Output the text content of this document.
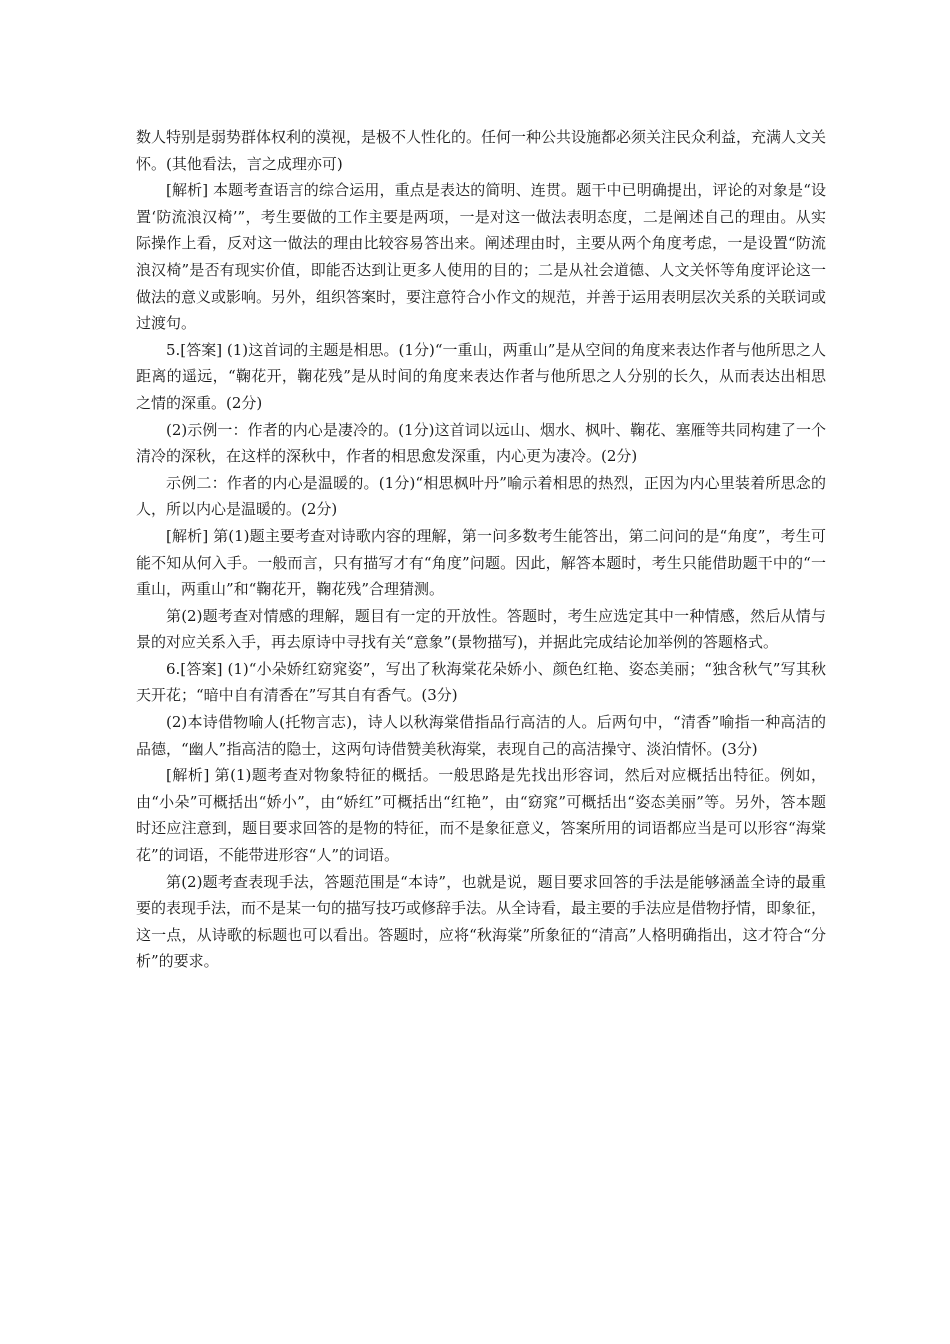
数人特别是弱势群体权利的漠视，是极不人性化的。任何一种公共设施都必须关注民众利益，充满人文关怀。(其他看法，言之成理亦可)

[解析] 本题考查语言的综合运用，重点是表达的简明、连贯。题干中已明确提出，评论的对象是“设置‘防流浪汉椅’”，考生要做的工作主要是两项，一是对这一做法表明态度，二是阐述自己的理由。从实际操作上看，反对这一做法的理由比较容易答出来。阐述理由时，主要从两个角度考虑，一是设置“防流浪汉椅”是否有现实价值，即能否达到让更多人使用的目的；二是从社会道德、人文关怀等角度评论这一做法的意义或影响。另外，组织答案时，要注意符合小作文的规范，并善于运用表明层次关系的关联词或过渡句。

5.[答案] (1)这首词的主题是相思。(1分)“一重山，两重山”是从空间的角度来表达作者与他所思之人距离的遥远，“鞠花开，鞠花残”是从时间的角度来表达作者与他所思之人分别的长久，从而表达出相思之情的深重。(2分)

(2)示例一：作者的内心是凄冷的。(1分)这首词以远山、烟水、枫叶、鞠花、塞雁等共同构建了一个清冷的深秋，在这样的深秋中，作者的相思愈发深重，内心更为凄冷。(2分)

示例二：作者的内心是温暖的。(1分)“相思枫叶丹”喻示着相思的热烈，正因为内心里装着所思念的人，所以内心是温暖的。(2分)

[解析] 第(1)题主要考查对诗歌内容的理解，第一问多数考生能答出，第二问问的是“角度”，考生可能不知从何入手。一般而言，只有描写才有“角度”问题。因此，解答本题时，考生只能借助题干中的“一重山，两重山”和“鞠花开，鞠花残”合理猜测。

第(2)题考查对情感的理解，题目有一定的开放性。答题时，考生应选定其中一种情感，然后从情与景的对应关系入手，再去原诗中寻找有关“意象”(景物描写)，并据此完成结论加举例的答题格式。

6.[答案] (1)“小朵娇红窈窕姿”，写出了秋海棠花朵娇小、颜色红艳、姿态美丽；“独含秋气”写其秋天开花；“暗中自有清香在”写其自有香气。(3分)

(2)本诗借物喻人(托物言志)，诗人以秋海棠借指品行高洁的人。后两句中，“清香”喻指一种高洁的品德，“幽人”指高洁的隐士，这两句诗借赞美秋海棠，表现自己的高洁操守、淡泊情怀。(3分)

[解析] 第(1)题考查对物象特征的概括。一般思路是先找出形容词，然后对应概括出特征。例如，由“小朵”可概括出“娇小”，由“娇红”可概括出“红艳”，由“窈窕”可概括出“姿态美丽”等。另外，答本题时还应注意到，题目要求回答的是物的特征，而不是象征意义，答案所用的词语都应当是可以形容“海棠花”的词语，不能带进形容“人”的词语。

第(2)题考查表现手法，答题范围是“本诗”，也就是说，题目要求回答的手法是能够涵盖全诗的最重要的表现手法，而不是某一句的描写技巧或修辞手法。从全诗看，最主要的手法应是借物抒情，即象征，这一点，从诗歌的标题也可以看出。答题时，应将“秋海棠”所象征的“清高”人格明确指出，这才符合“分析”的要求。
